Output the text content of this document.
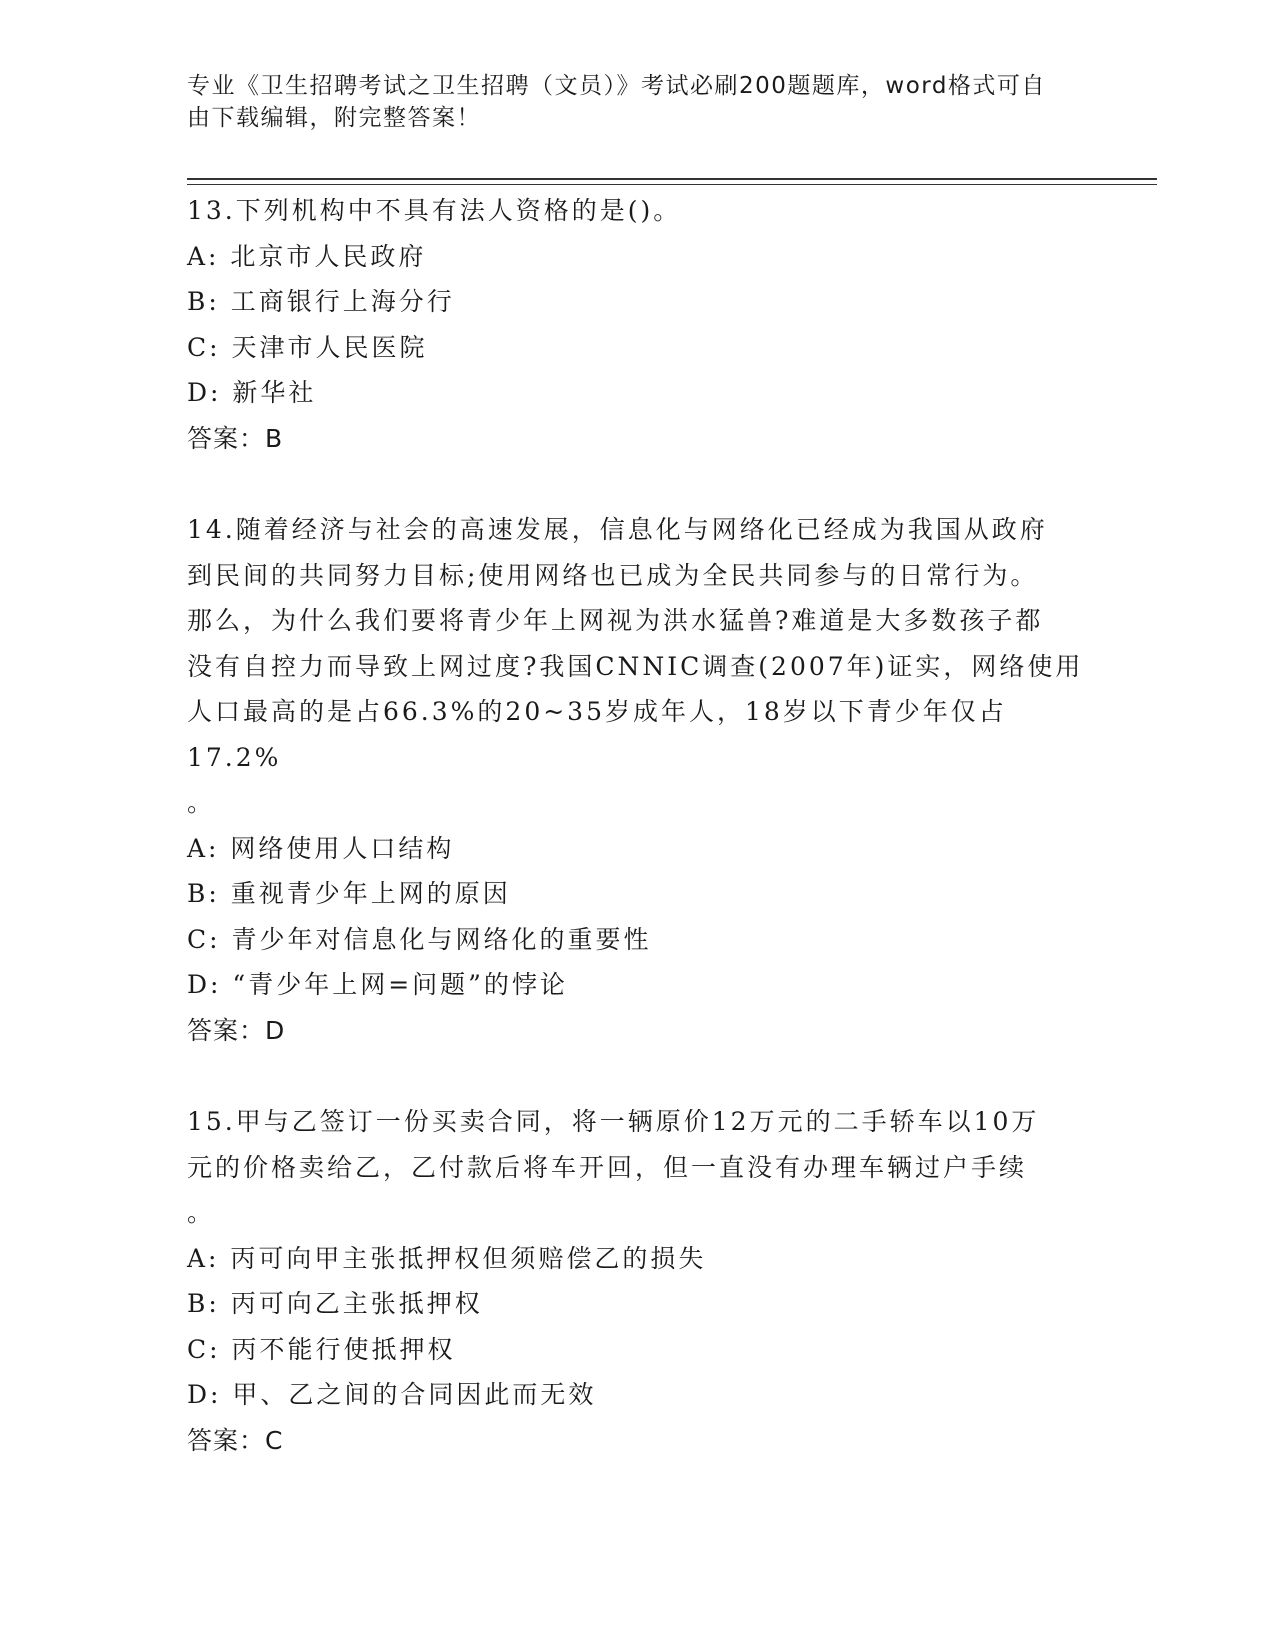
专业《卫生招聘考试之卫生招聘（文员）》考试必刷200题题库，word格式可自
由下载编辑，附完整答案！
13.下列机构中不具有法人资格的是()。
A: 北京市人民政府
B: 工商银行上海分行
C: 天津市人民医院
D: 新华社
答案：B
14.随着经济与社会的高速发展，信息化与网络化已经成为我国从政府
到民间的共同努力目标;使用网络也已成为全民共同参与的日常行为。
那么，为什么我们要将青少年上网视为洪水猛兽?难道是大多数孩子都
没有自控力而导致上网过度?我国CNNIC调查(2007年)证实，网络使用
人口最高的是占66.3%的20~35岁成年人，18岁以下青少年仅占17.2%
。
A: 网络使用人口结构
B: 重视青少年上网的原因
C: 青少年对信息化与网络化的重要性
D: “青少年上网=问题”的悖论
答案：D
15.甲与乙签订一份买卖合同，将一辆原价12万元的二手轿车以10万
元的价格卖给乙，乙付款后将车开回，但一直没有办理车辆过户手续
。
A: 丙可向甲主张抵押权但须赔偿乙的损失
B: 丙可向乙主张抵押权
C: 丙不能行使抵押权
D: 甲、乙之间的合同因此而无效
答案：C
